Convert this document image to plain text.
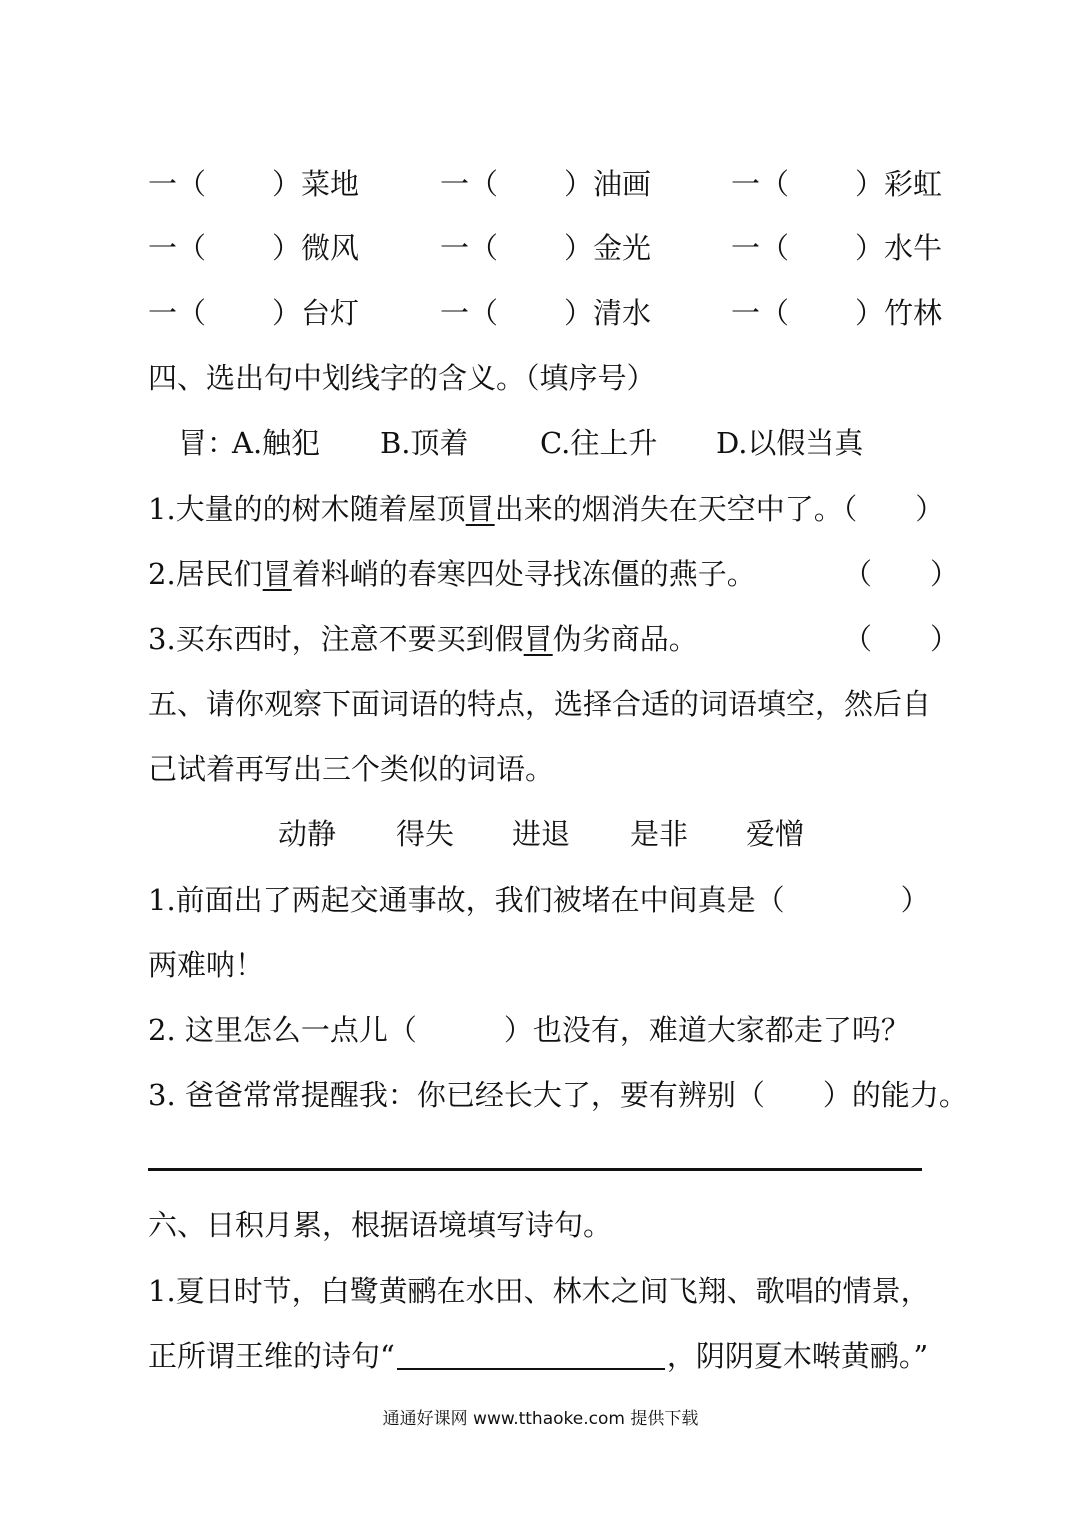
一（ ）菜地	一（ ）油画	一（ ）彩虹
一（ ）微风	一（ ）金光	一（ ）水牛
一（ ）台灯	一（ ）清水	一（ ）竹林
四、选出句中划线字的含义。（填序号）
冒：
A.触犯 B.顶着 C.往上升 D.以假当真
1.大量的的树木随着屋顶冒出来的烟消失在天空中了。（　　）
2.居民们冒着料峭的春寒四处寻找冻僵的燕子。	（　　）
3.买东西时，注意不要买到假冒伪劣商品。	（　　）
五、请你观察下面词语的特点，选择合适的词语填空，然后自
己试着再写出三个类似的词语。
动静 得失 进退 是非 爱憎
1.前面出了两起交通事故，我们被堵在中间真是（　　　　）
两难呐！
2. 这里怎么一点儿（　　　）也没有，难道大家都走了吗？
3. 爸爸常常提醒我：你已经长大了，要有辨别（　　）的能力。
六、日积月累，根据语境填写诗句。
1.夏日时节，白鹭黄鹂在水田、林木之间飞翔、歌唱的情景，
正所谓王维的诗句“	，阴阴夏木啭黄鹂。”
通通好课网 www.tthaoke.com 提供下载
